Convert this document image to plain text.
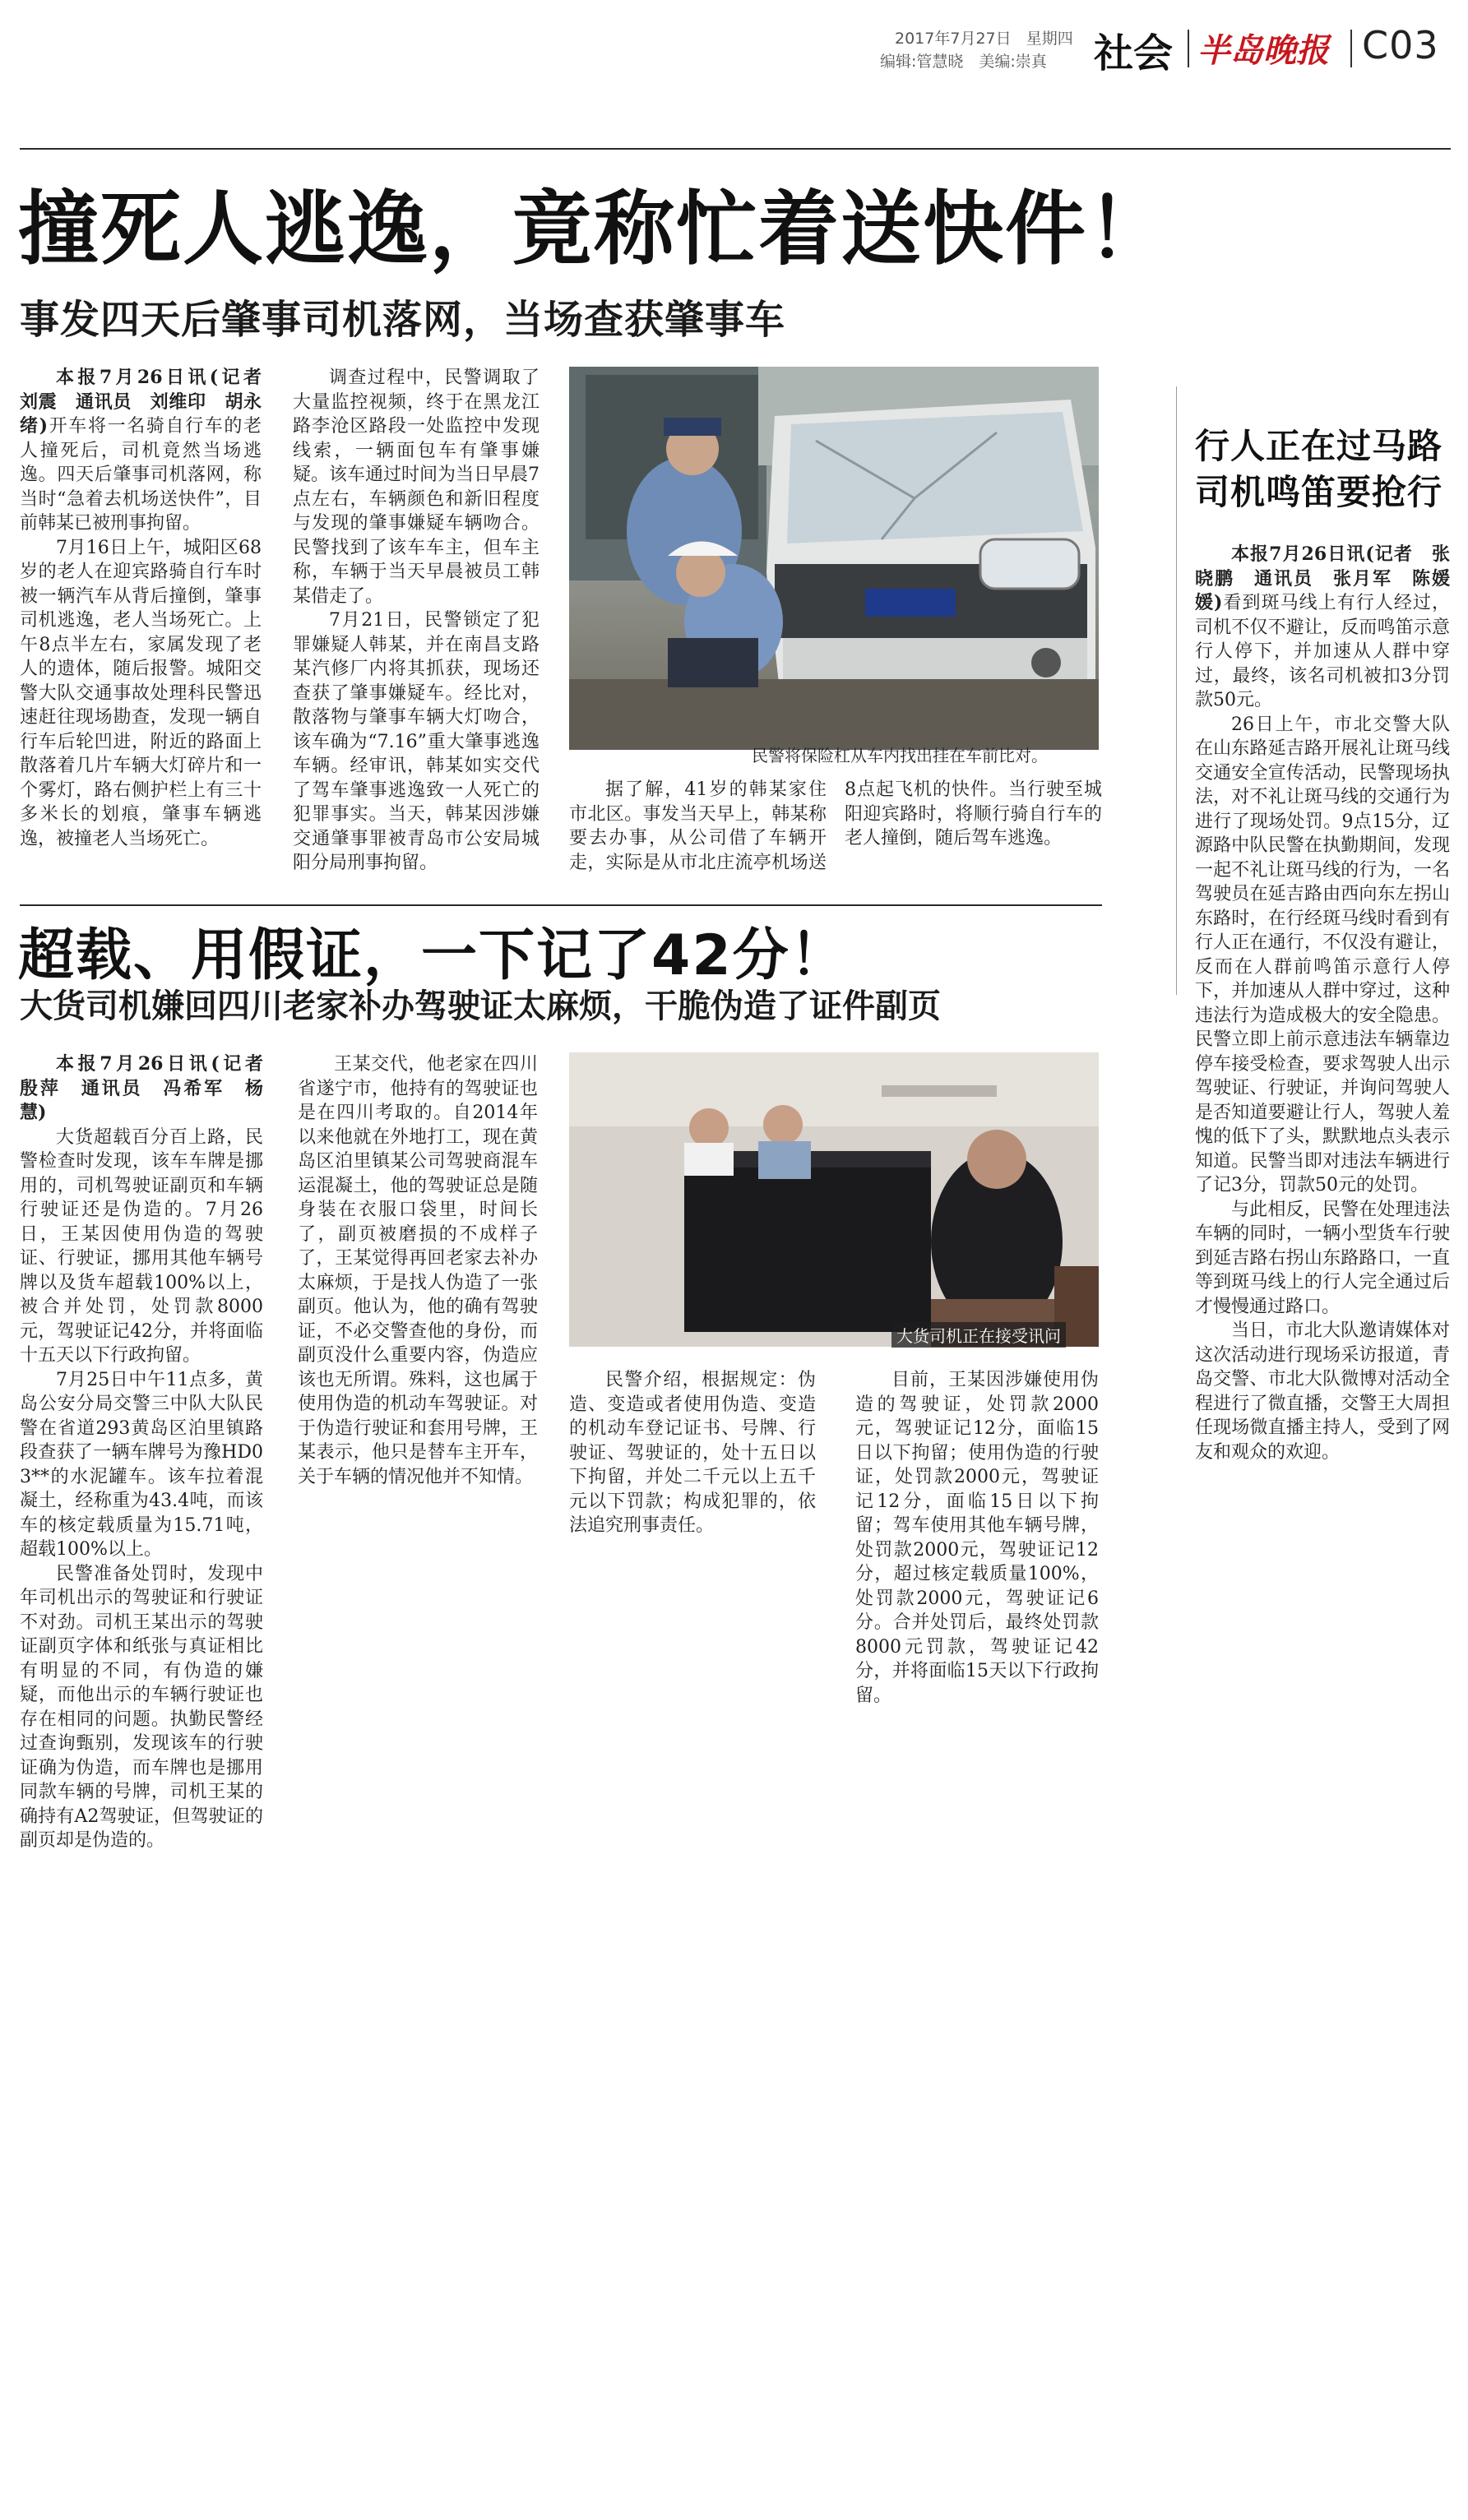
2017年7月27日 星期四
编辑:管慧晓　美编:崇真 社会 半岛晚报 C03
撞死人逃逸，竟称忙着送快件！
事发四天后肇事司机落网，当场查获肇事车

本报7月26日讯(记者　刘震　通讯员　刘维印　胡永绪)开车将一名骑自行车的老人撞死后，司机竟然当场逃逸。四天后肇事司机落网，称当时“急着去机场送快件”，目前韩某已被刑事拘留。

7月16日上午，城阳区68岁的老人在迎宾路骑自行车时被一辆汽车从背后撞倒，肇事司机逃逸，老人当场死亡。上午8点半左右，家属发现了老人的遗体，随后报警。城阳交警大队交通事故处理科民警迅速赶往现场勘查，发现一辆自行车后轮凹进，附近的路面上散落着几片车辆大灯碎片和一个雾灯，路右侧护栏上有三十多米长的划痕，肇事车辆逃逸，被撞老人当场死亡。

调查过程中，民警调取了大量监控视频，终于在黑龙江路李沧区路段一处监控中发现线索，一辆面包车有肇事嫌疑。该车通过时间为当日早晨7点左右，车辆颜色和新旧程度与发现的肇事嫌疑车辆吻合。民警找到了该车车主，但车主称，车辆于当天早晨被员工韩某借走了。

7月21日，民警锁定了犯罪嫌疑人韩某，并在南昌支路某汽修厂内将其抓获，现场还查获了肇事嫌疑车。经比对，散落物与肇事车辆大灯吻合，该车确为“7.16”重大肇事逃逸车辆。经审讯，韩某如实交代了驾车肇事逃逸致一人死亡的犯罪事实。当天，韩某因涉嫌交通肇事罪被青岛市公安局城阳分局刑事拘留。

民警将保险杠从车内找出挂在车前比对。

据了解，41岁的韩某家住市北区。事发当天早上，韩某称要去办事，从公司借了车辆开走，实际是从市北庄流亭机场送8点起飞机的快件。当行驶至城阳迎宾路时，将顺行骑自行车的老人撞倒，随后驾车逃逸。

超载、用假证，一下记了42分！
大货司机嫌回四川老家补办驾驶证太麻烦，干脆伪造了证件副页

本报7月26日讯(记者　殷萍　通讯员　冯希军　杨慧)

大货超载百分百上路，民警检查时发现，该车车牌是挪用的，司机驾驶证副页和车辆行驶证还是伪造的。7月26日，王某因使用伪造的驾驶证、行驶证，挪用其他车辆号牌以及货车超载100%以上，被合并处罚，处罚款8000元，驾驶证记42分，并将面临十五天以下行政拘留。

7月25日中午11点多，黄岛公安分局交警三中队大队民警在省道293黄岛区泊里镇路段查获了一辆车牌号为豫HD03**的水泥罐车。该车拉着混凝土，经称重为43.4吨，而该车的核定载质量为15.71吨，超载100%以上。

民警准备处罚时，发现中年司机出示的驾驶证和行驶证不对劲。司机王某出示的驾驶证副页字体和纸张与真证相比有明显的不同，有伪造的嫌疑，而他出示的车辆行驶证也存在相同的问题。执勤民警经过查询甄别，发现该车的行驶证确为伪造，而车牌也是挪用同款车辆的号牌，司机王某的确持有A2驾驶证，但驾驶证的副页却是伪造的。

王某交代，他老家在四川省遂宁市，他持有的驾驶证也是在四川考取的。自2014年以来他就在外地打工，现在黄岛区泊里镇某公司驾驶商混车运混凝土，他的驾驶证总是随身装在衣服口袋里，时间长了，副页被磨损的不成样子了，王某觉得再回老家去补办太麻烦，于是找人伪造了一张副页。他认为，他的确有驾驶证，不必交警查他的身份，而副页没什么重要内容，伪造应该也无所谓。殊料，这也属于使用伪造的机动车驾驶证。对于伪造行驶证和套用号牌，王某表示，他只是替车主开车，关于车辆的情况他并不知情。

大货司机正在接受讯问

民警介绍，根据规定：伪造、变造或者使用伪造、变造的机动车登记证书、号牌、行驶证、驾驶证的，处十五日以下拘留，并处二千元以上五千元以下罚款；构成犯罪的，依法追究刑事责任。

目前，王某因涉嫌使用伪造的驾驶证，处罚款2000元，驾驶证记12分，面临15日以下拘留；使用伪造的行驶证，处罚款2000元，驾驶证记12分，面临15日以下拘留；驾车使用其他车辆号牌，处罚款2000元，驾驶证记12分，超过核定载质量100%，处罚款2000元，驾驶证记6分。合并处罚后，最终处罚款8000元罚款，驾驶证记42分，并将面临15天以下行政拘留。

行人正在过马路
司机鸣笛要抢行

本报7月26日讯(记者　张晓鹏　通讯员　张月军　陈媛媛)看到斑马线上有行人经过，司机不仅不避让，反而鸣笛示意行人停下，并加速从人群中穿过，最终，该名司机被扣3分罚款50元。

26日上午，市北交警大队在山东路延吉路开展礼让斑马线交通安全宣传活动，民警现场执法，对不礼让斑马线的交通行为进行了现场处罚。9点15分，辽源路中队民警在执勤期间，发现一起不礼让斑马线的行为，一名驾驶员在延吉路由西向东左拐山东路时，在行经斑马线时看到有行人正在通行，不仅没有避让，反而在人群前鸣笛示意行人停下，并加速从人群中穿过，这种违法行为造成极大的安全隐患。民警立即上前示意违法车辆靠边停车接受检查，要求驾驶人出示驾驶证、行驶证，并询问驾驶人是否知道要避让行人，驾驶人羞愧的低下了头，默默地点头表示知道。民警当即对违法车辆进行了记3分，罚款50元的处罚。

与此相反，民警在处理违法车辆的同时，一辆小型货车行驶到延吉路右拐山东路路口，一直等到斑马线上的行人完全通过后才慢慢通过路口。

当日，市北大队邀请媒体对这次活动进行现场采访报道，青岛交警、市北大队微博对活动全程进行了微直播，交警王大周担任现场微直播主持人，受到了网友和观众的欢迎。
